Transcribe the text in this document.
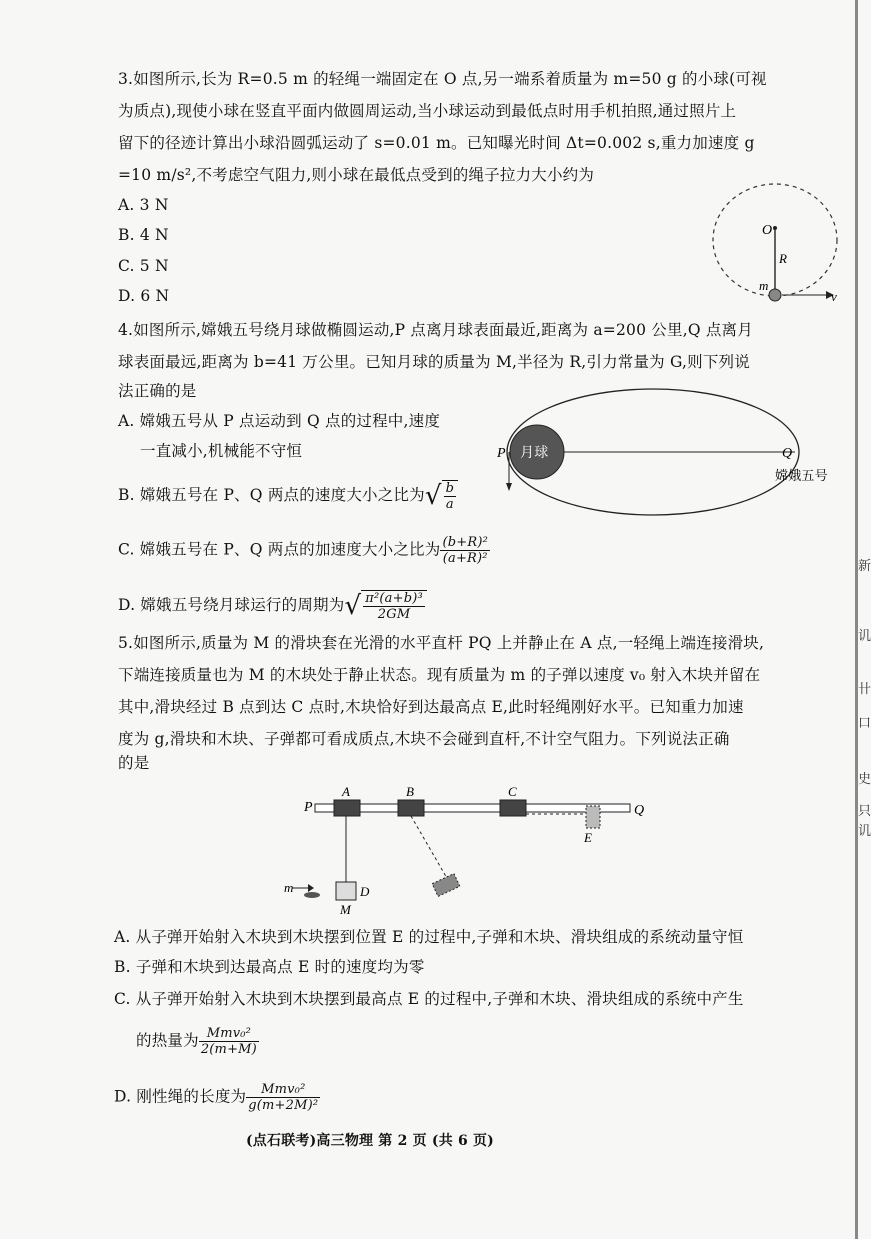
新
讥
卄
口
史
只
讥
3.如图所示,长为 R=0.5 m 的轻绳一端固定在 O 点,另一端系着质量为 m=50 g 的小球(可视
为质点),现使小球在竖直平面内做圆周运动,当小球运动到最低点时用手机拍照,通过照片上
留下的径迹计算出小球沿圆弧运动了 s=0.01 m。已知曝光时间 Δt=0.002 s,重力加速度 g
=10 m/s²,不考虑空气阻力,则小球在最低点受到的绳子拉力大小约为
A. 3 N
B. 4 N
C. 5 N
D. 6 N
O
R
m
v
4.如图所示,嫦娥五号绕月球做椭圆运动,P 点离月球表面最近,距离为 a=200 公里,Q 点离月
球表面最远,距离为 b=41 万公里。已知月球的质量为 M,半径为 R,引力常量为 G,则下列说
法正确的是
A. 嫦娥五号从 P 点运动到 Q 点的过程中,速度
一直减小,机械能不守恒
B. 嫦娥五号在 P、Q 两点的速度大小之比为√ $\frac{b}{a}$
C. 嫦娥五号在 P、Q 两点的加速度大小之比为 $\frac{\text{(b+R)²}}{\text{(a+R)²}}$
D. 嫦娥五号绕月球运行的周期为√ $\frac{\text{π²(a+b)³}}{2GM}$
P	Q
月球
嫦娥五号
5.如图所示,质量为 M 的滑块套在光滑的水平直杆 PQ 上并静止在 A 点,一轻绳上端连接滑块,
下端连接质量也为 M 的木块处于静止状态。现有质量为 m 的子弹以速度 v₀ 射入木块并留在
其中,滑块经过 B 点到达 C 点时,木块恰好到达最高点 E,此时轻绳刚好水平。已知重力加速
度为 g,滑块和木块、子弹都可看成质点,木块不会碰到直杆,不计空气阻力。下列说法正确
的是
P
A	B	C
Q
E
m	D
M
A. 从子弹开始射入木块到木块摆到位置 E 的过程中,子弹和木块、滑块组成的系统动量守恒
B. 子弹和木块到达最高点 E 时的速度均为零
C. 从子弹开始射入木块到木块摆到最高点 E 的过程中,子弹和木块、滑块组成的系统中产生
的热量为 $\frac{\text{Mmv₀²}}{2(m+M)}$
D. 刚性绳的长度为 $\frac{\text{Mmv₀²}}{\text{g(m+2M)²}}$
(点石联考)高三物理 第 2 页 (共 6 页)
